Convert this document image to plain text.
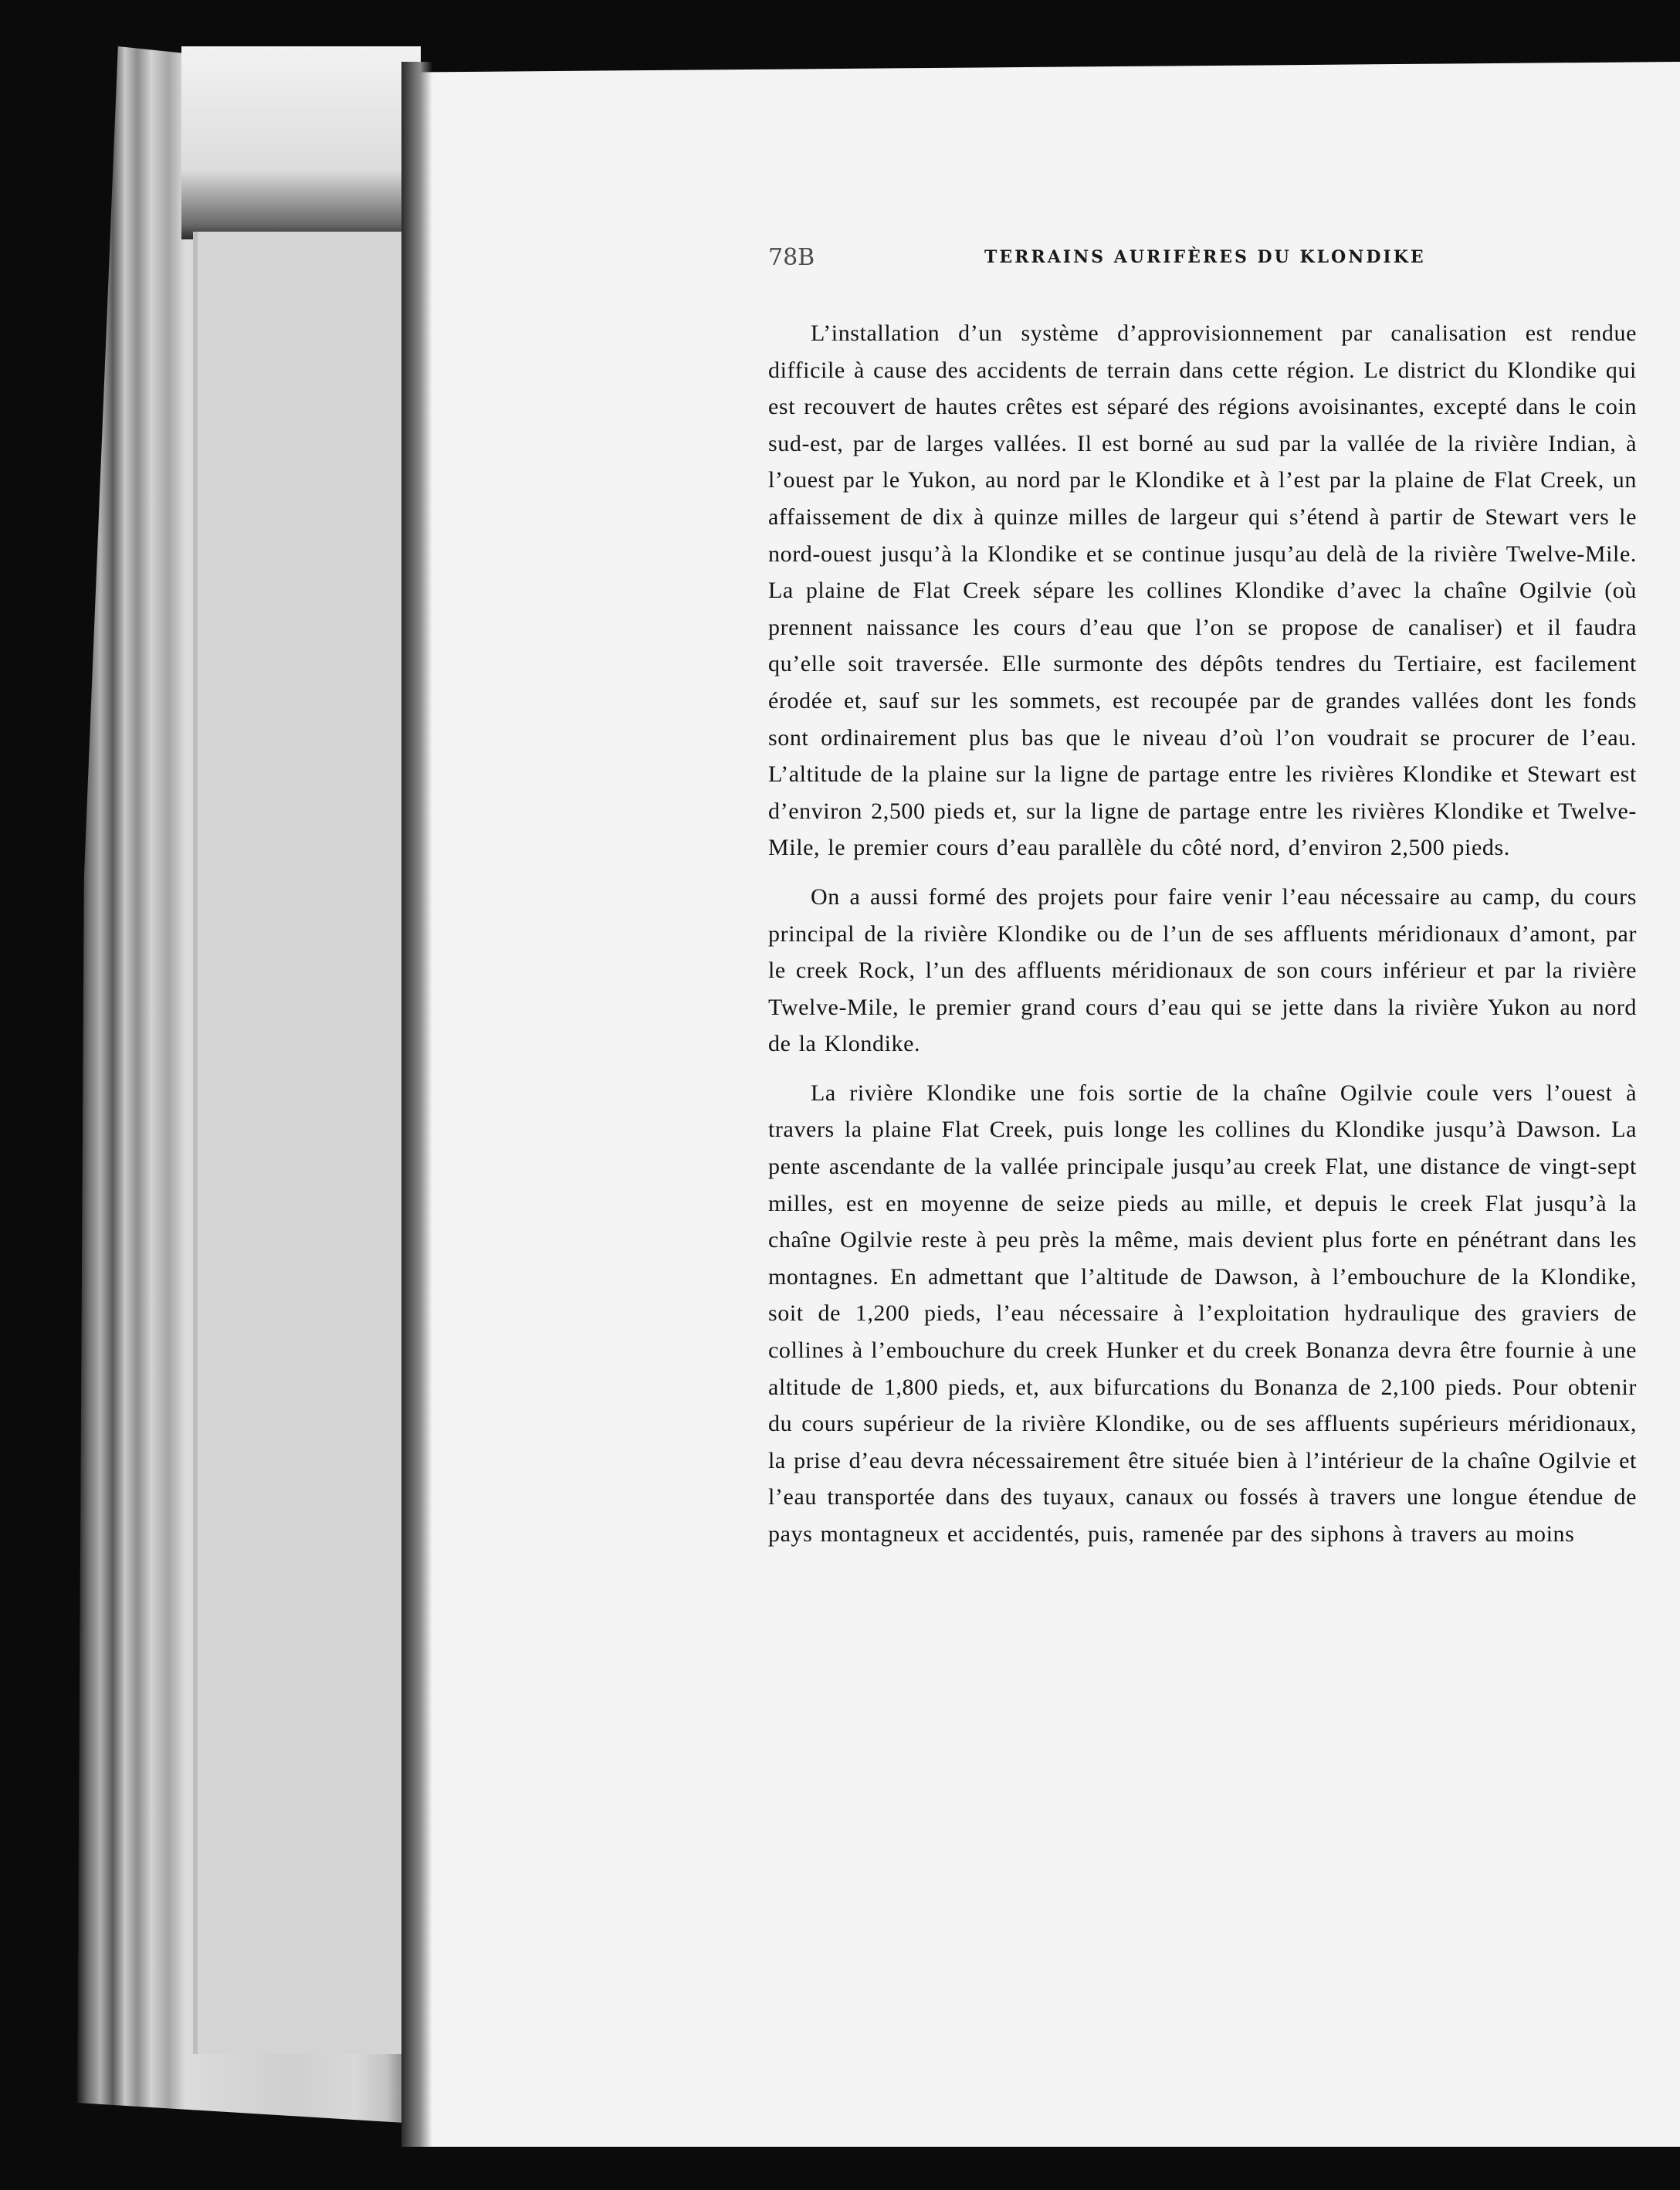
78B	TERRAINS AURIFÈRES DU KLONDIKE

L’installation d’un système d’approvisionnement par canalisation est rendue difficile à cause des accidents de terrain dans cette région. Le district du Klondike qui est recouvert de hautes crêtes est séparé des régions avoisinantes, excepté dans le coin sud-est, par de larges vallées. Il est borné au sud par la vallée de la rivière Indian, à l’ouest par le Yukon, au nord par le Klondike et à l’est par la plaine de Flat Creek, un affaissement de dix à quinze milles de largeur qui s’étend à partir de Stewart vers le nord-ouest jusqu’à la Klondike et se continue jusqu’au delà de la rivière Twelve-Mile. La plaine de Flat Creek sépare les collines Klondike d’avec la chaîne Ogilvie (où prennent naissance les cours d’eau que l’on se propose de canaliser) et il faudra qu’elle soit traversée. Elle surmonte des dépôts tendres du Tertiaire, est facilement érodée et, sauf sur les sommets, est recoupée par de grandes vallées dont les fonds sont ordinairement plus bas que le niveau d’où l’on voudrait se procurer de l’eau. L’altitude de la plaine sur la ligne de partage entre les rivières Klondike et Stewart est d’environ 2,500 pieds et, sur la ligne de partage entre les rivières Klondike et Twelve-Mile, le premier cours d’eau parallèle du côté nord, d’environ 2,500 pieds.

On a aussi formé des projets pour faire venir l’eau nécessaire au camp, du cours principal de la rivière Klondike ou de l’un de ses affluents méridionaux d’amont, par le creek Rock, l’un des affluents méridionaux de son cours inférieur et par la rivière Twelve-Mile, le premier grand cours d’eau qui se jette dans la rivière Yukon au nord de la Klondike.

La rivière Klondike une fois sortie de la chaîne Ogilvie coule vers l’ouest à travers la plaine Flat Creek, puis longe les collines du Klondike jusqu’à Dawson. La pente ascendante de la vallée principale jusqu’au creek Flat, une distance de vingt-sept milles, est en moyenne de seize pieds au mille, et depuis le creek Flat jusqu’à la chaîne Ogilvie reste à peu près la même, mais devient plus forte en pénétrant dans les montagnes. En admettant que l’altitude de Dawson, à l’embouchure de la Klondike, soit de 1,200 pieds, l’eau nécessaire à l’exploitation hydraulique des graviers de collines à l’embouchure du creek Hunker et du creek Bonanza devra être fournie à une altitude de 1,800 pieds, et, aux bifurcations du Bonanza de 2,100 pieds. Pour obtenir du cours supérieur de la rivière Klondike, ou de ses affluents supérieurs méridionaux, la prise d’eau devra nécessairement être située bien à l’intérieur de la chaîne Ogilvie et l’eau transportée dans des tuyaux, canaux ou fossés à travers une longue étendue de pays montagneux et accidentés, puis, ramenée par des siphons à travers au moins
